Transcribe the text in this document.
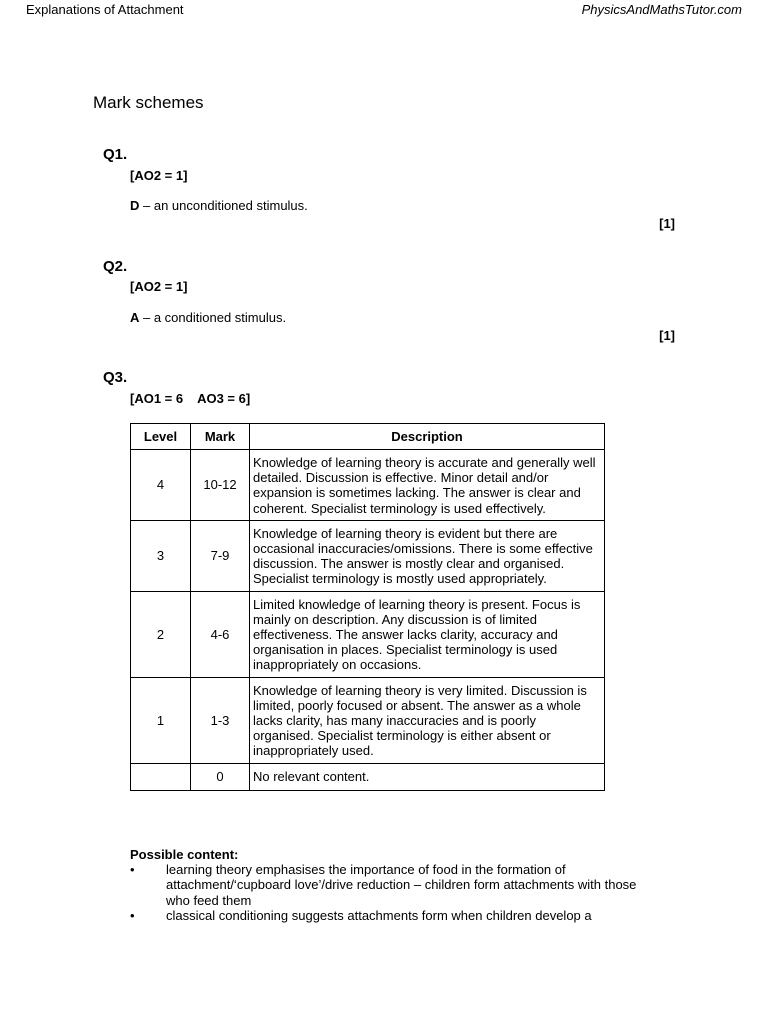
Explanations of Attachment	PhysicsAndMathsTutor.com
Mark schemes
Q1.
[AO2 = 1]
D – an unconditioned stimulus.
[1]
Q2.
[AO2 = 1]
A – a conditioned stimulus.
[1]
Q3.
[AO1 = 6    AO3 = 6]
Level	Mark	Description
4	10-12	Knowledge of learning theory is accurate and generally well detailed. Discussion is effective. Minor detail and/or expansion is sometimes lacking. The answer is clear and coherent. Specialist terminology is used effectively.
3	7-9	Knowledge of learning theory is evident but there are occasional inaccuracies/omissions. There is some effective discussion. The answer is mostly clear and organised. Specialist terminology is mostly used appropriately.
2	4-6	Limited knowledge of learning theory is present. Focus is mainly on description. Any discussion is of limited effectiveness. The answer lacks clarity, accuracy and organisation in places. Specialist terminology is used inappropriately on occasions.
1	1-3	Knowledge of learning theory is very limited. Discussion is limited, poorly focused or absent. The answer as a whole lacks clarity, has many inaccuracies and is poorly organised. Specialist terminology is either absent or inappropriately used.
	0	No relevant content.
Possible content:
• learning theory emphasises the importance of food in the formation of attachment/‘cupboard love’/drive reduction – children form attachments with those who feed them
• classical conditioning suggests attachments form when children develop a
